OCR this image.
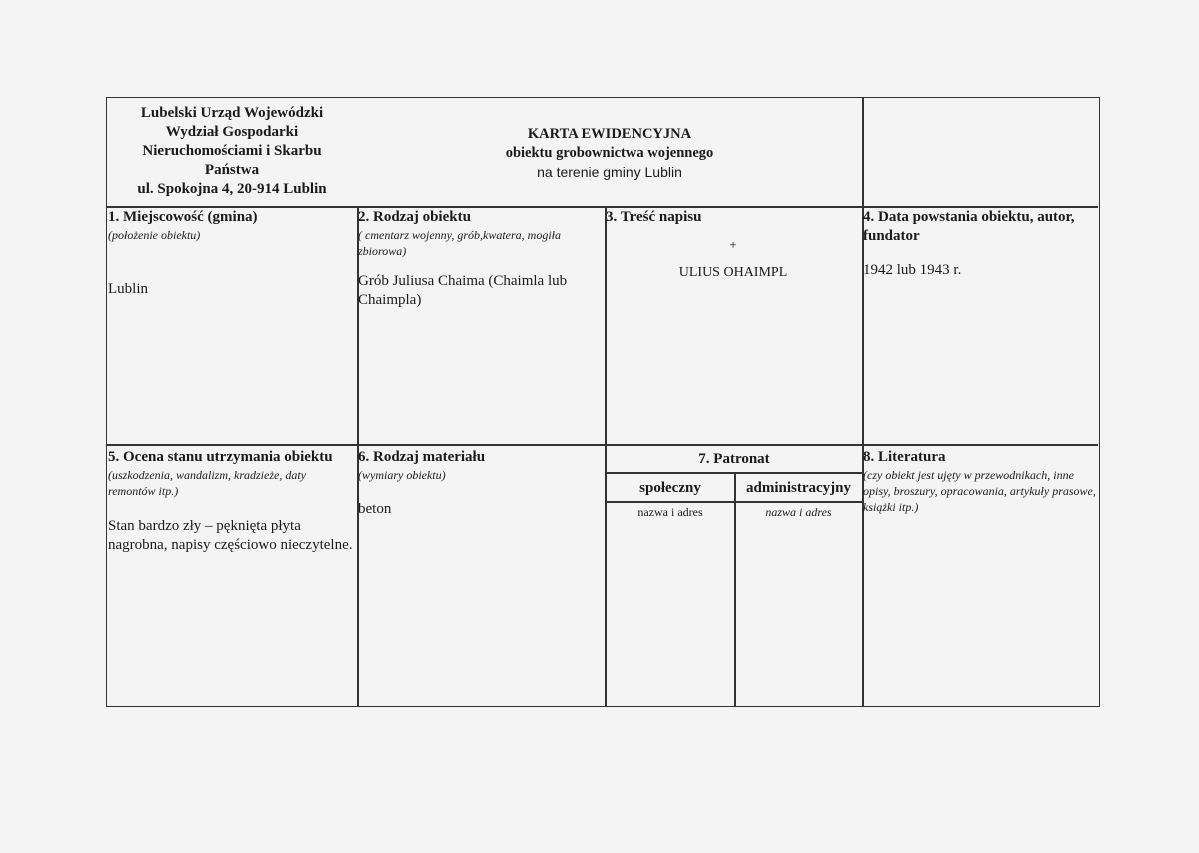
Lubelski Urząd Wojewódzki
Wydział Gospodarki
Nieruchomościami i Skarbu
Państwa
ul. Spokojna 4, 20-914 Lublin
KARTA EWIDENCYJNA
obiektu grobownictwa wojennego
na terenie gminy Lublin
1. Miejscowość (gmina)
(położenie obiektu)
Lublin
2. Rodzaj obiektu
( cmentarz wojenny, grób,kwatera, mogiła zbiorowa)
Grób Juliusa Chaima (Chaimla lub Chaimpla)
3. Treść napisu
+
ULIUS OHAIMPL
4. Data powstania obiektu, autor, fundator
1942 lub 1943 r.
5. Ocena stanu utrzymania obiektu
(uszkodzenia, wandalizm, kradzieże, daty remontów itp.)
Stan bardzo zły – pęknięta płyta nagrobna, napisy częściowo nieczytelne.
6. Rodzaj materiału
(wymiary obiektu)
beton
7. Patronat
społeczny	administracyjny
nazwa i adres	nazwa i adres
8. Literatura
(czy obiekt jest ujęty w przewodnikach, inne opisy, broszury, opracowania, artykuły prasowe, książki itp.)
